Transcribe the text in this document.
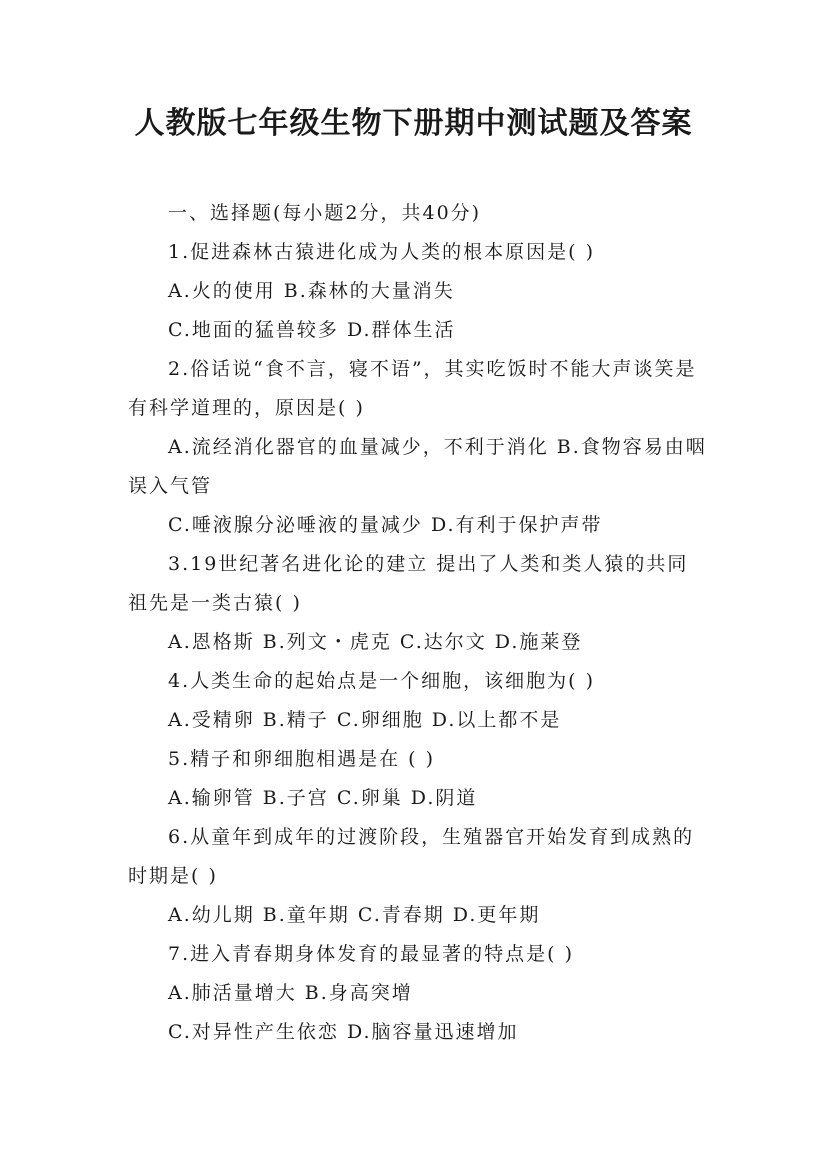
人教版七年级生物下册期中测试题及答案

一、选择题(每小题2分，共40分)

1.促进森林古猿进化成为人类的根本原因是( )

A.火的使用 B.森林的大量消失

C.地面的猛兽较多 D.群体生活

2.俗话说“食不言，寝不语”，其实吃饭时不能大声谈笑是有科学道理的，原因是( )

A.流经消化器官的血量减少，不利于消化 B.食物容易由咽误入气管

C.唾液腺分泌唾液的量减少 D.有利于保护声带

3.19世纪著名进化论的建立 提出了人类和类人猿的共同祖先是一类古猿( )

A.恩格斯 B.列文・虎克 C.达尔文 D.施莱登

4.人类生命的起始点是一个细胞，该细胞为( )

A.受精卵 B.精子 C.卵细胞 D.以上都不是

5.精子和卵细胞相遇是在 ( )

A.输卵管 B.子宫 C.卵巢 D.阴道

6.从童年到成年的过渡阶段，生殖器官开始发育到成熟的时期是( )

A.幼儿期 B.童年期 C.青春期 D.更年期

7.进入青春期身体发育的最显著的特点是( )

A.肺活量增大 B.身高突增

C.对异性产生依恋 D.脑容量迅速增加
